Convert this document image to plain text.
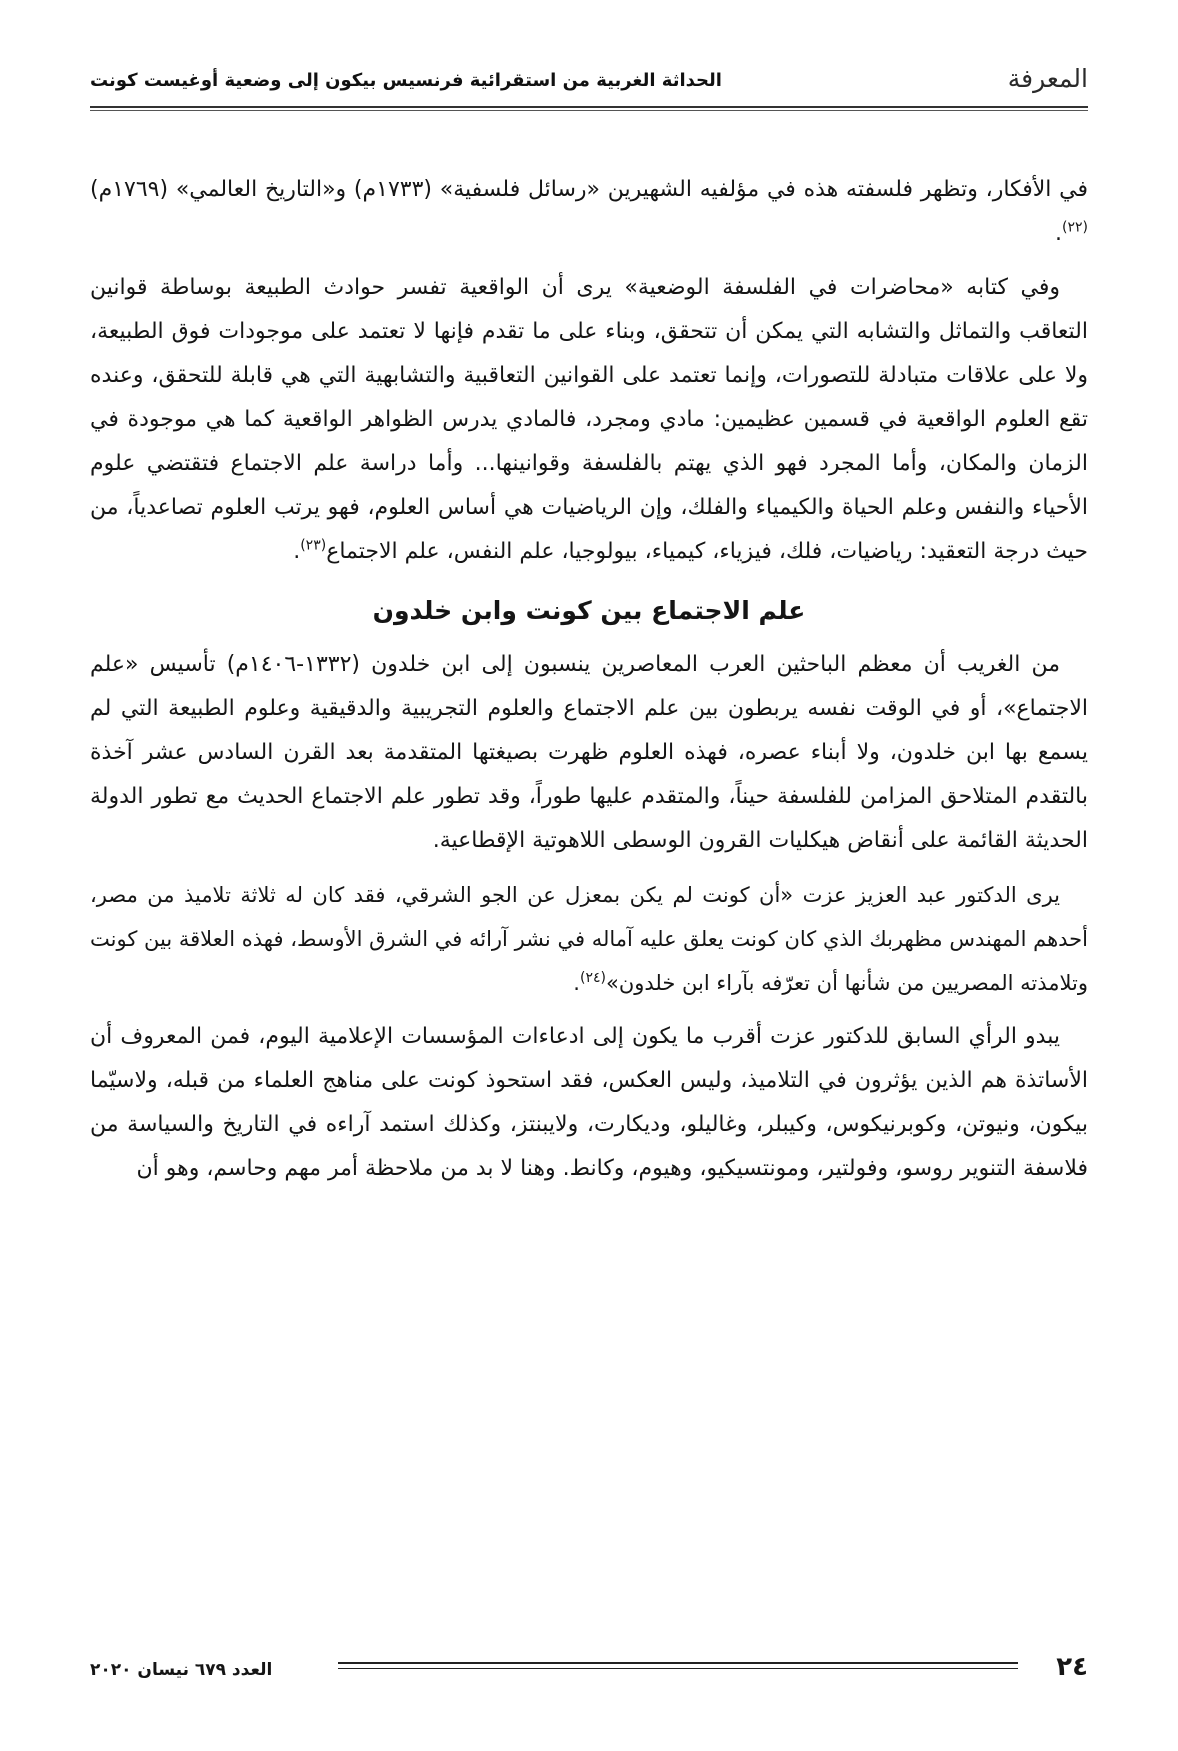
المعرفة
الحداثة الغربية من استقرائية فرنسيس بيكون إلى وضعية أوغيست كونت

في الأفكار، وتظهر فلسفته هذه في مؤلفيه الشهيرين «رسائل فلسفية» (١٧٣٣م) و«التاريخ العالمي» (١٧٦٩م)$^{(٢٢)}$.

وفي كتابه «محاضرات في الفلسفة الوضعية» يرى أن الواقعية تفسر حوادث الطبيعة بوساطة قوانين التعاقب والتماثل والتشابه التي يمكن أن تتحقق، وبناء على ما تقدم فإنها لا تعتمد على موجودات فوق الطبيعة، ولا على علاقات متبادلة للتصورات، وإنما تعتمد على القوانين التعاقبية والتشابهية التي هي قابلة للتحقق، وعنده تقع العلوم الواقعية في قسمين عظيمين: مادي ومجرد، فالمادي يدرس الظواهر الواقعية كما هي موجودة في الزمان والمكان، وأما المجرد فهو الذي يهتم بالفلسفة وقوانينها... وأما دراسة علم الاجتماع فتقتضي علوم الأحياء والنفس وعلم الحياة والكيمياء والفلك، وإن الرياضيات هي أساس العلوم، فهو يرتب العلوم تصاعدياً، من حيث درجة التعقيد: رياضيات، فلك، فيزياء، كيمياء، بيولوجيا، علم النفس، علم الاجتماع$^{(٢٣)}$.

علم الاجتماع بين كونت وابن خلدون

من الغريب أن معظم الباحثين العرب المعاصرين ينسبون إلى ابن خلدون (١٣٣٢-١٤٠٦م) تأسيس «علم الاجتماع»، أو في الوقت نفسه يربطون بين علم الاجتماع والعلوم التجريبية والدقيقية وعلوم الطبيعة التي لم يسمع بها ابن خلدون، ولا أبناء عصره، فهذه العلوم ظهرت بصيغتها المتقدمة بعد القرن السادس عشر آخذة بالتقدم المتلاحق المزامن للفلسفة حيناً، والمتقدم عليها طوراً، وقد تطور علم الاجتماع الحديث مع تطور الدولة الحديثة القائمة على أنقاض هيكليات القرون الوسطى اللاهوتية الإقطاعية.

يرى الدكتور عبد العزيز عزت «أن كونت لم يكن بمعزل عن الجو الشرقي، فقد كان له ثلاثة تلاميذ من مصر، أحدهم المهندس مظهربك الذي كان كونت يعلق عليه آماله في نشر آرائه في الشرق الأوسط، فهذه العلاقة بين كونت وتلامذته المصريين من شأنها أن تعرّفه بآراء ابن خلدون»$^{(٢٤)}$.

يبدو الرأي السابق للدكتور عزت أقرب ما يكون إلى ادعاءات المؤسسات الإعلامية اليوم، فمن المعروف أن الأساتذة هم الذين يؤثرون في التلاميذ، وليس العكس، فقد استحوذ كونت على مناهج العلماء من قبله، ولاسيّما بيكون، ونيوتن، وكوبرنيكوس، وكيبلر، وغاليلو، وديكارت، ولايبنتز، وكذلك استمد آراءه في التاريخ والسياسة من فلاسفة التنوير روسو، وفولتير، ومونتسيكيو، وهيوم، وكانط. وهنا لا بد من ملاحظة أمر مهم وحاسم، وهو أن

٢٤
العدد ٦٧٩ نيسان ٢٠٢٠
